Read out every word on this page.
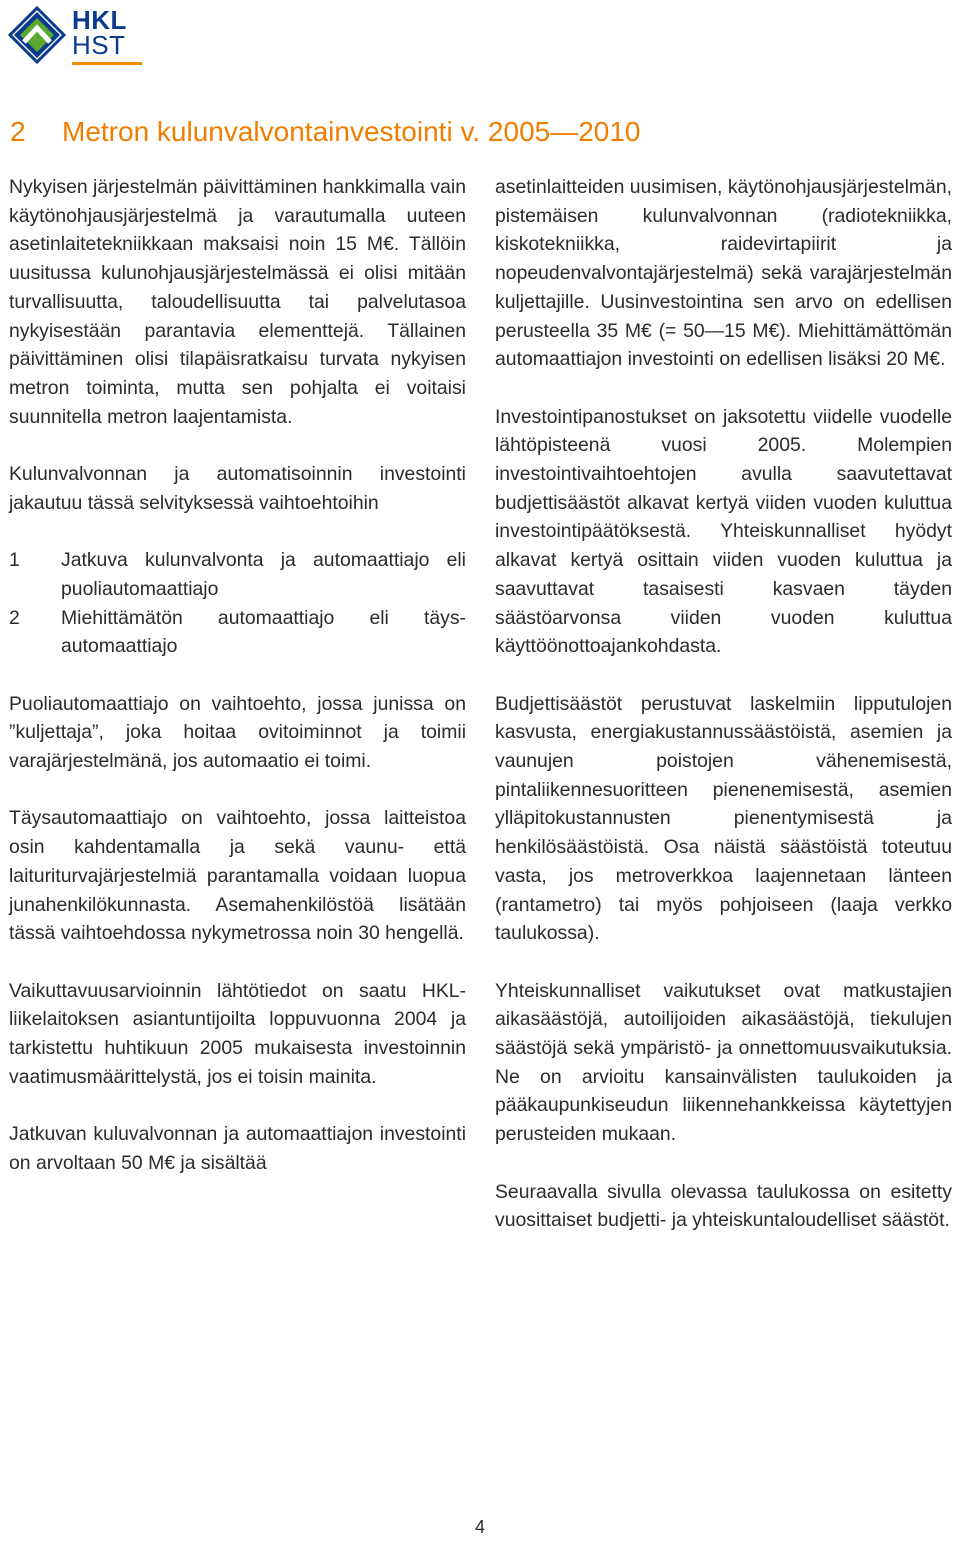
HKL
HST
2 Metron kulunvalvontainvestointi v. 2005—2010

Nykyisen järjestelmän päivittäminen hankkimalla vain käytönohjausjärjestelmä ja varautumalla uuteen asetinlaitetekniikkaan maksaisi noin 15 M€. Tällöin uusitussa kulunohjausjärjestelmässä ei olisi mitään turvallisuutta, taloudellisuutta tai palvelutasoa nykyisestään parantavia elementtejä. Tällainen päivittäminen olisi tilapäisratkaisu turvata nykyisen metron toiminta, mutta sen pohjalta ei voitaisi suunnitella metron laajentamista.

Kulunvalvonnan ja automatisoinnin investointi jakautuu tässä selvityksessä vaihtoehtoihin

1 Jatkuva kulunvalvonta ja automaattiajo eli puoliautomaattiajo
2 Miehittämätön automaattiajo eli täysautomaattiajo

Puoliautomaattiajo on vaihtoehto, jossa junissa on ”kuljettaja”, joka hoitaa ovitoiminnot ja toimii varajärjestelmänä, jos automaatio ei toimi.

Täysautomaattiajo on vaihtoehto, jossa laitteistoa osin kahdentamalla ja sekä vaunu- että laituriturvajärjestelmiä parantamalla voidaan luopua junahenkilökunnasta. Asemahenkilöstöä lisätään tässä vaihtoehdossa nykymetrossa noin 30 hengellä.

Vaikuttavuusarvioinnin lähtötiedot on saatu HKL-liikelaitoksen asiantuntijoilta loppuvuonna 2004 ja tarkistettu huhtikuun 2005 mukaisesta investoinnin vaatimusmäärittelystä, jos ei toisin mainita.

Jatkuvan kuluvalvonnan ja automaattiajon investointi on arvoltaan 50 M€ ja sisältää

asetinlaitteiden uusimisen, käytönohjausjärjestelmän, pistemäisen kulunvalvonnan (radiotekniikka, kiskotekniikka, raidevirtapiirit ja nopeudenvalvontajärjestelmä) sekä varajärjestelmän kuljettajille. Uusinvestointina sen arvo on edellisen perusteella 35 M€ (= 50—15 M€). Miehittämättömän automaattiajon investointi on edellisen lisäksi 20 M€.

Investointipanostukset on jaksotettu viidelle vuodelle lähtöpisteenä vuosi 2005. Molempien investointivaihtoehtojen avulla saavutettavat budjettisäästöt alkavat kertyä viiden vuoden kuluttua investointipäätöksestä. Yhteiskunnalliset hyödyt alkavat kertyä osittain viiden vuoden kuluttua ja saavuttavat tasaisesti kasvaen täyden säästöarvonsa viiden vuoden kuluttua käyttöönottoajankohdasta.

Budjettisäästöt perustuvat laskelmiin lipputulojen kasvusta, energiakustannussäästöistä, asemien ja vaunujen poistojen vähenemisestä, pintaliikennesuoritteen pienenemisestä, asemien ylläpitokustannusten pienentymisestä ja henkilösäästöistä. Osa näistä säästöistä toteutuu vasta, jos metroverkkoa laajennetaan länteen (rantametro) tai myös pohjoiseen (laaja verkko taulukossa).

Yhteiskunnalliset vaikutukset ovat matkustajien aikasäästöjä, autoilijoiden aikasäästöjä, tiekulujen säästöjä sekä ympäristö- ja onnettomuusvaikutuksia. Ne on arvioitu kansainvälisten taulukoiden ja pääkaupunkiseudun liikennehankkeissa käytettyjen perusteiden mukaan.

Seuraavalla sivulla olevassa taulukossa on esitetty vuosittaiset budjetti- ja yhteiskuntaloudelliset säästöt.

4
